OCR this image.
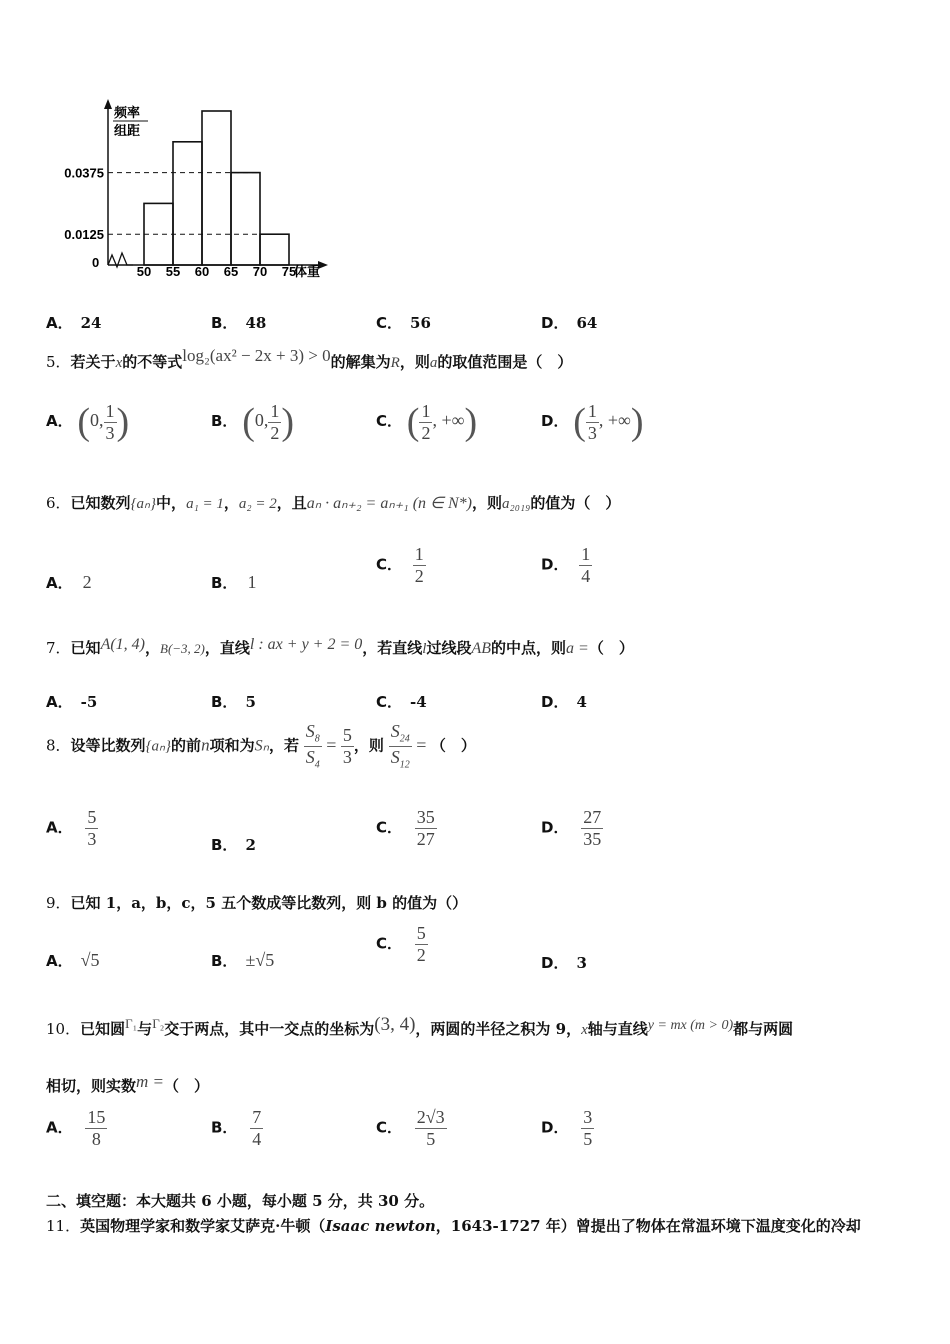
频率
组距
0
0.0375
0.0125
50 55 60 65 70 75
体重
A． 24	B． 48	C． 56	D． 64
5．若关于x的不等式log₂(ax² − 2x + 3) > 0的解集为R，则a的取值范围是（　）
A． (0, $\frac{1}{3}$ )	B． (0, $\frac{1}{2}$ )	C． ( $\frac{1}{2}$ , +∞)	D． ( $\frac{1}{3}$ , +∞)
6．已知数列{aₙ}中，a₁ = 1，a₂ = 2，且aₙ · aₙ₊₂ = aₙ₊₁ (n ∈ N*)，则a₂₀₁₉的值为（　）
A． 2	B． 1
C． $\frac{1}{2}$	D． $\frac{1}{4}$
7．已知A(1, 4)，B(−3, 2)，直线l : ax + y + 2 = 0，若直线l过线段AB的中点，则a =（　）
A． -5	B． 5	C． -4	D． 4
8．设等比数列{aₙ}的前n项和为Sₙ，若 $\frac{S_8}{S_4} = \frac{5}{3}$ ，则 $\frac{S_{24}}{S_{12}}$ = （　）
A． $\frac{5}{3}$	B． 2
C． $\frac{35}{27}$	D． $\frac{27}{35}$
9．已知 1，a，b，c，5 五个数成等比数列，则 b 的值为（）
A． √5	B． ±√5
C． $\frac{5}{2}$	D． 3
10．已知圆Γ₁与Γ₂交于两点，其中一交点的坐标为(3, 4)，两圆的半径之积为 9，x轴与直线y = mx (m > 0)都与两圆
相切，则实数m =（　）
A． $\frac{15}{8}$	B． $\frac{7}{4}$	C． $\frac{2√3}{5}$	D． $\frac{3}{5}$
二、填空题：本大题共 6 小题，每小题 5 分，共 30 分。
11．英国物理学家和数学家艾萨克·牛顿（Isaac newton，1643-1727 年）曾提出了物体在常温环境下温度变化的冷却
